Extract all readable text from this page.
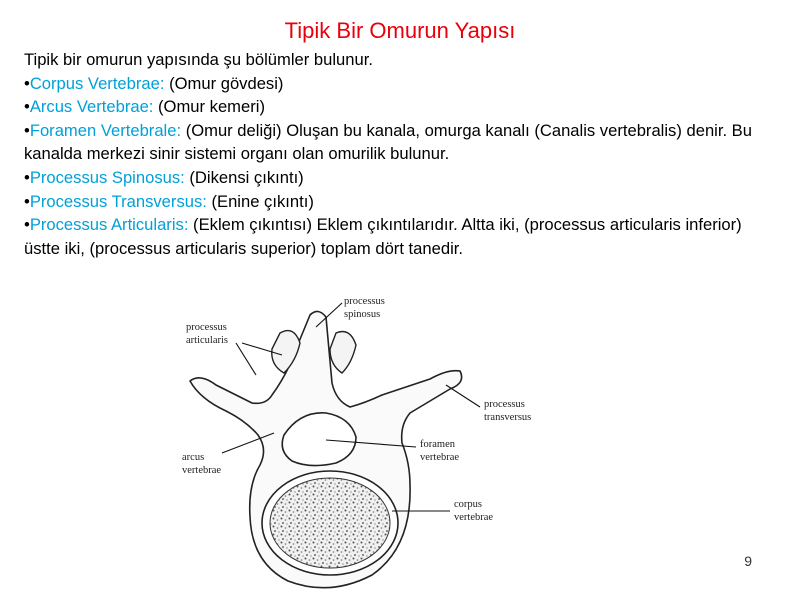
Tipik Bir Omurun Yapısı

Tipik bir omurun yapısında şu bölümler bulunur.

•Corpus Vertebrae: (Omur gövdesi)

•Arcus Vertebrae: (Omur kemeri)

•Foramen Vertebrale: (Omur deliği) Oluşan bu kanala, omurga kanalı (Canalis vertebralis) denir. Bu kanalda merkezi sinir sistemi organı olan omurilik bulunur.

•Processus Spinosus: (Dikensi çıkıntı)

•Processus Transversus: (Enine çıkıntı)

•Processus Articularis: (Eklem çıkıntısı) Eklem çıkıntılarıdır. Altta iki, (processus articularis inferior) üstte iki, (processus articularis superior) toplam dört tanedir.

processus
spinosus
processus
articularis
processus
transversus
foramen
vertebrae
arcus
vertebrae
corpus
vertebrae
9
